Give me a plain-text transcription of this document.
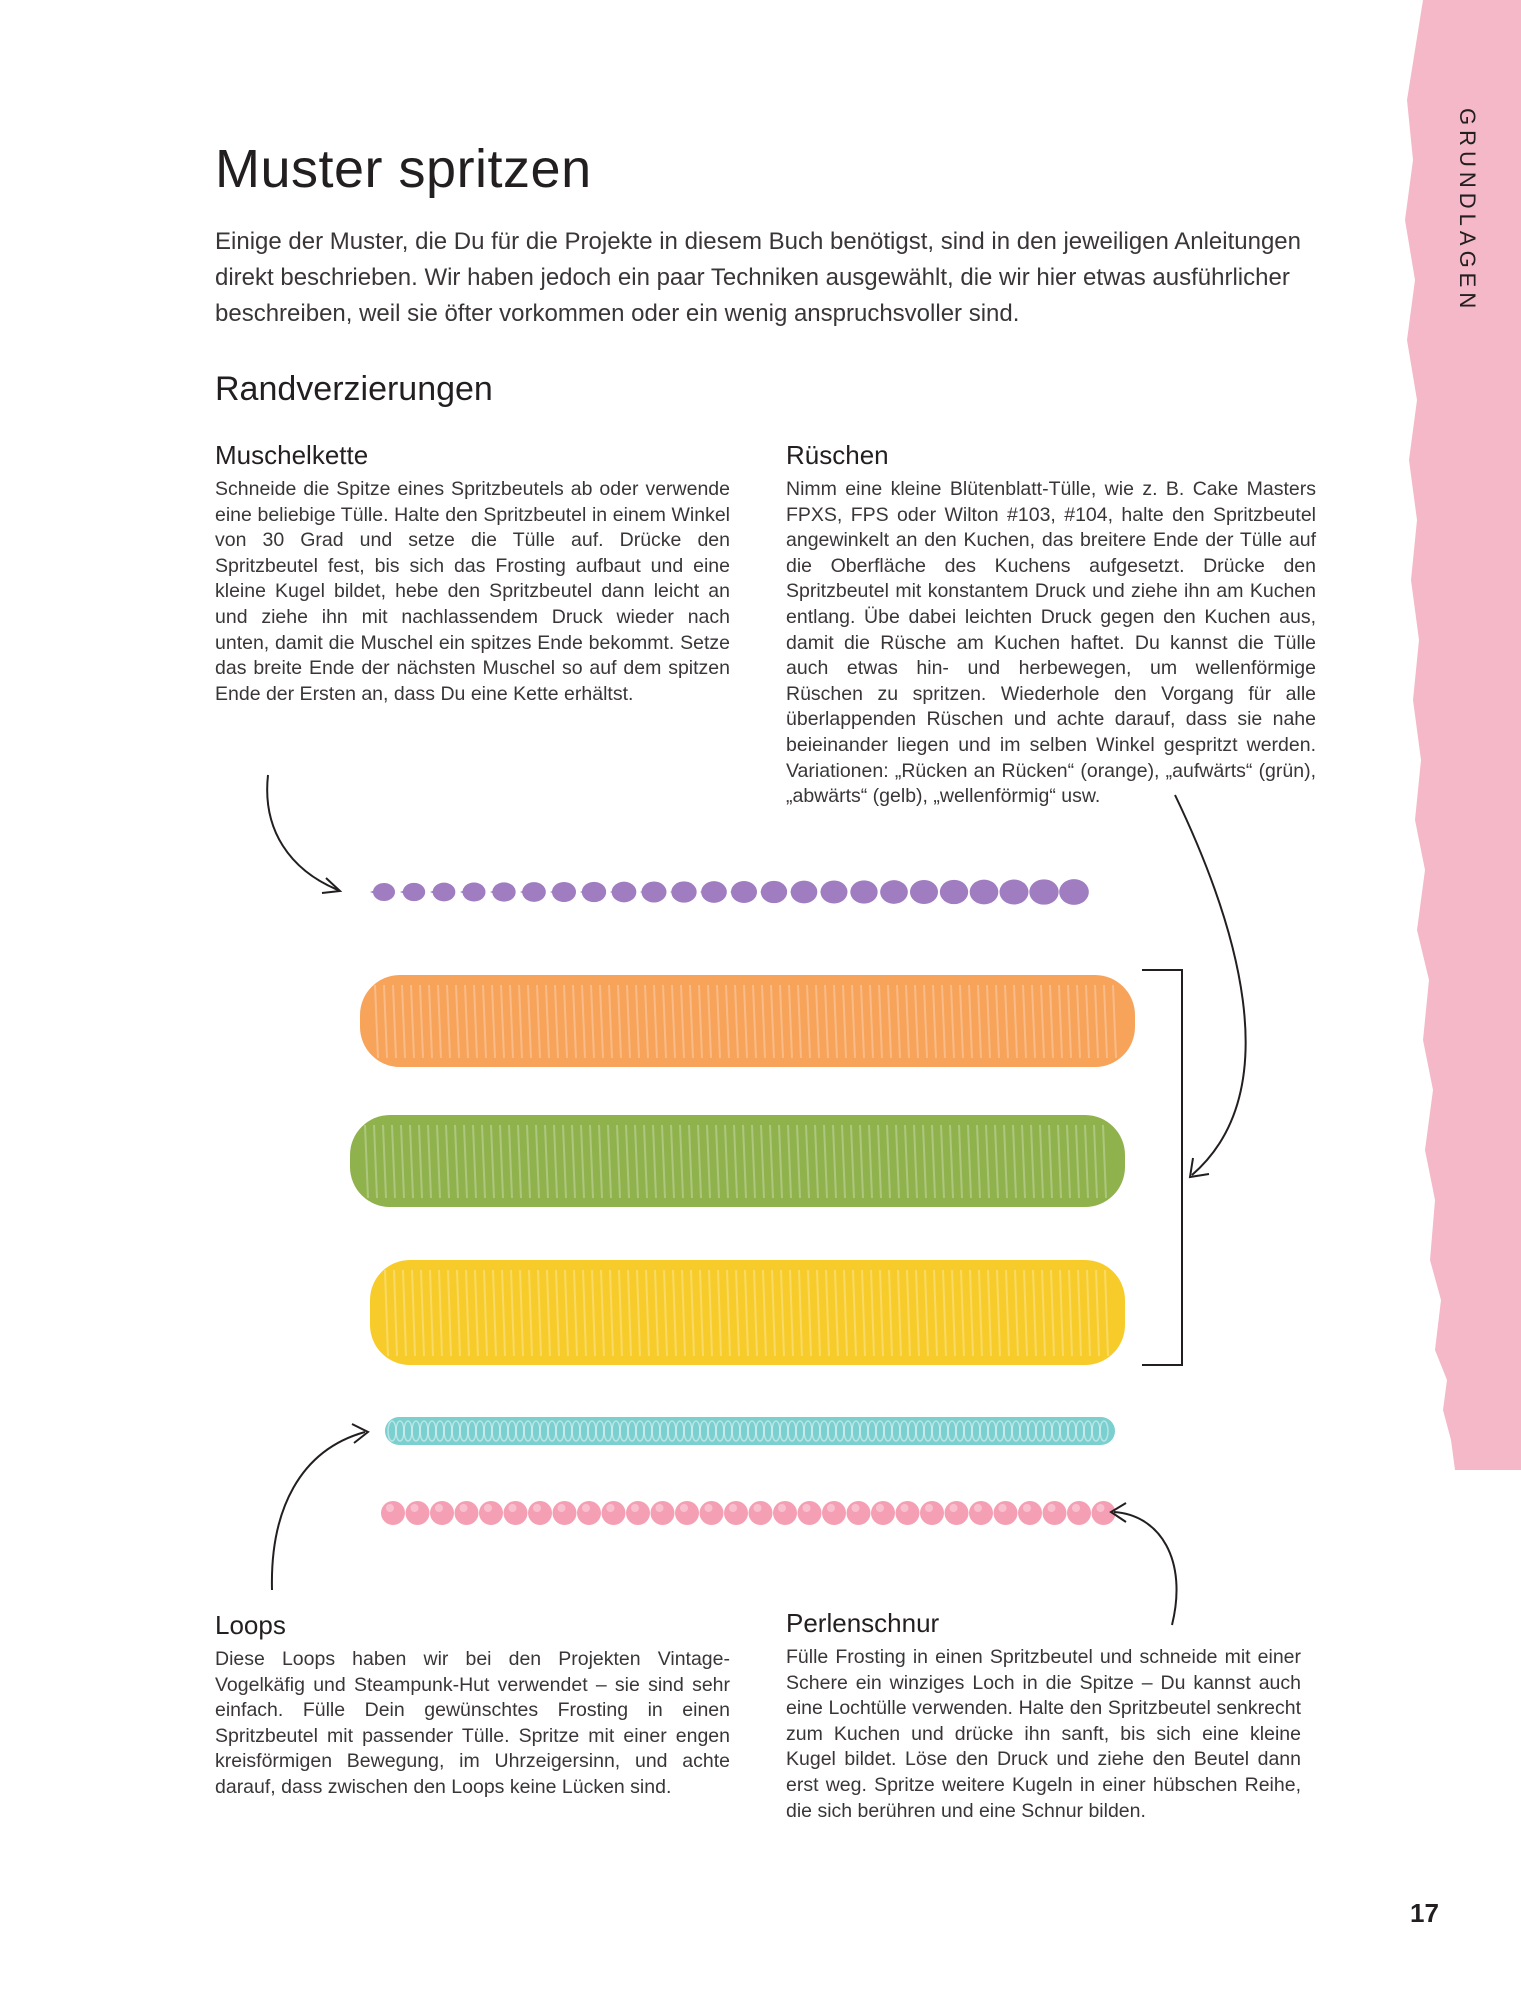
GRUNDLAGEN
Muster spritzen

Einige der Muster, die Du für die Projekte in diesem Buch benötigst, sind in den jeweiligen Anleitungen direkt beschrieben. Wir haben jedoch ein paar Techniken ausgewählt, die wir hier etwas ausführlicher beschreiben, weil sie öfter vorkommen oder ein wenig anspruchsvoller sind.

Randverzierungen
Muschelkette

Schneide die Spitze eines Spritzbeutels ab oder verwende eine beliebige Tülle. Halte den Spritzbeutel in einem Winkel von 30 Grad und setze die Tülle auf. Drücke den Spritzbeutel fest, bis sich das Frosting aufbaut und eine kleine Kugel bildet, hebe den Spritzbeutel dann leicht an und ziehe ihn mit nachlassendem Druck wieder nach unten, damit die Muschel ein spitzes Ende bekommt. Setze das breite Ende der nächsten Muschel so auf dem spitzen Ende der Ersten an, dass Du eine Kette erhältst.

Rüschen

Nimm eine kleine Blütenblatt-Tülle, wie z. B. Cake Masters FPXS, FPS oder Wilton #103, #104, halte den Spritzbeutel angewinkelt an den Kuchen, das breitere Ende der Tülle auf die Oberfläche des Kuchens aufgesetzt. Drücke den Spritzbeutel mit konstantem Druck und ziehe ihn am Kuchen entlang. Übe dabei leichten Druck gegen den Kuchen aus, damit die Rüsche am Kuchen haftet. Du kannst die Tülle auch etwas hin- und herbewegen, um wellenförmige Rüschen zu spritzen. Wiederhole den Vorgang für alle überlappenden Rüschen und achte darauf, dass sie nahe beieinander liegen und im selben Winkel gespritzt werden. Variationen: „Rücken an Rücken“ (orange), „aufwärts“ (grün), „abwärts“ (gelb), „wellenförmig“ usw.

Loops

Diese Loops haben wir bei den Projekten Vintage-Vogelkäfig und Steampunk-Hut verwendet – sie sind sehr einfach. Fülle Dein gewünschtes Frosting in einen Spritzbeutel mit passender Tülle. Spritze mit einer engen kreisförmigen Bewegung, im Uhrzeigersinn, und achte darauf, dass zwischen den Loops keine Lücken sind.

Perlenschnur

Fülle Frosting in einen Spritzbeutel und schneide mit einer Schere ein winziges Loch in die Spitze – Du kannst auch eine Lochtülle verwenden. Halte den Spritzbeutel senkrecht zum Kuchen und drücke ihn sanft, bis sich eine kleine Kugel bildet. Löse den Druck und ziehe den Beutel dann erst weg. Spritze weitere Kugeln in einer hübschen Reihe, die sich berühren und eine Schnur bilden.

17
